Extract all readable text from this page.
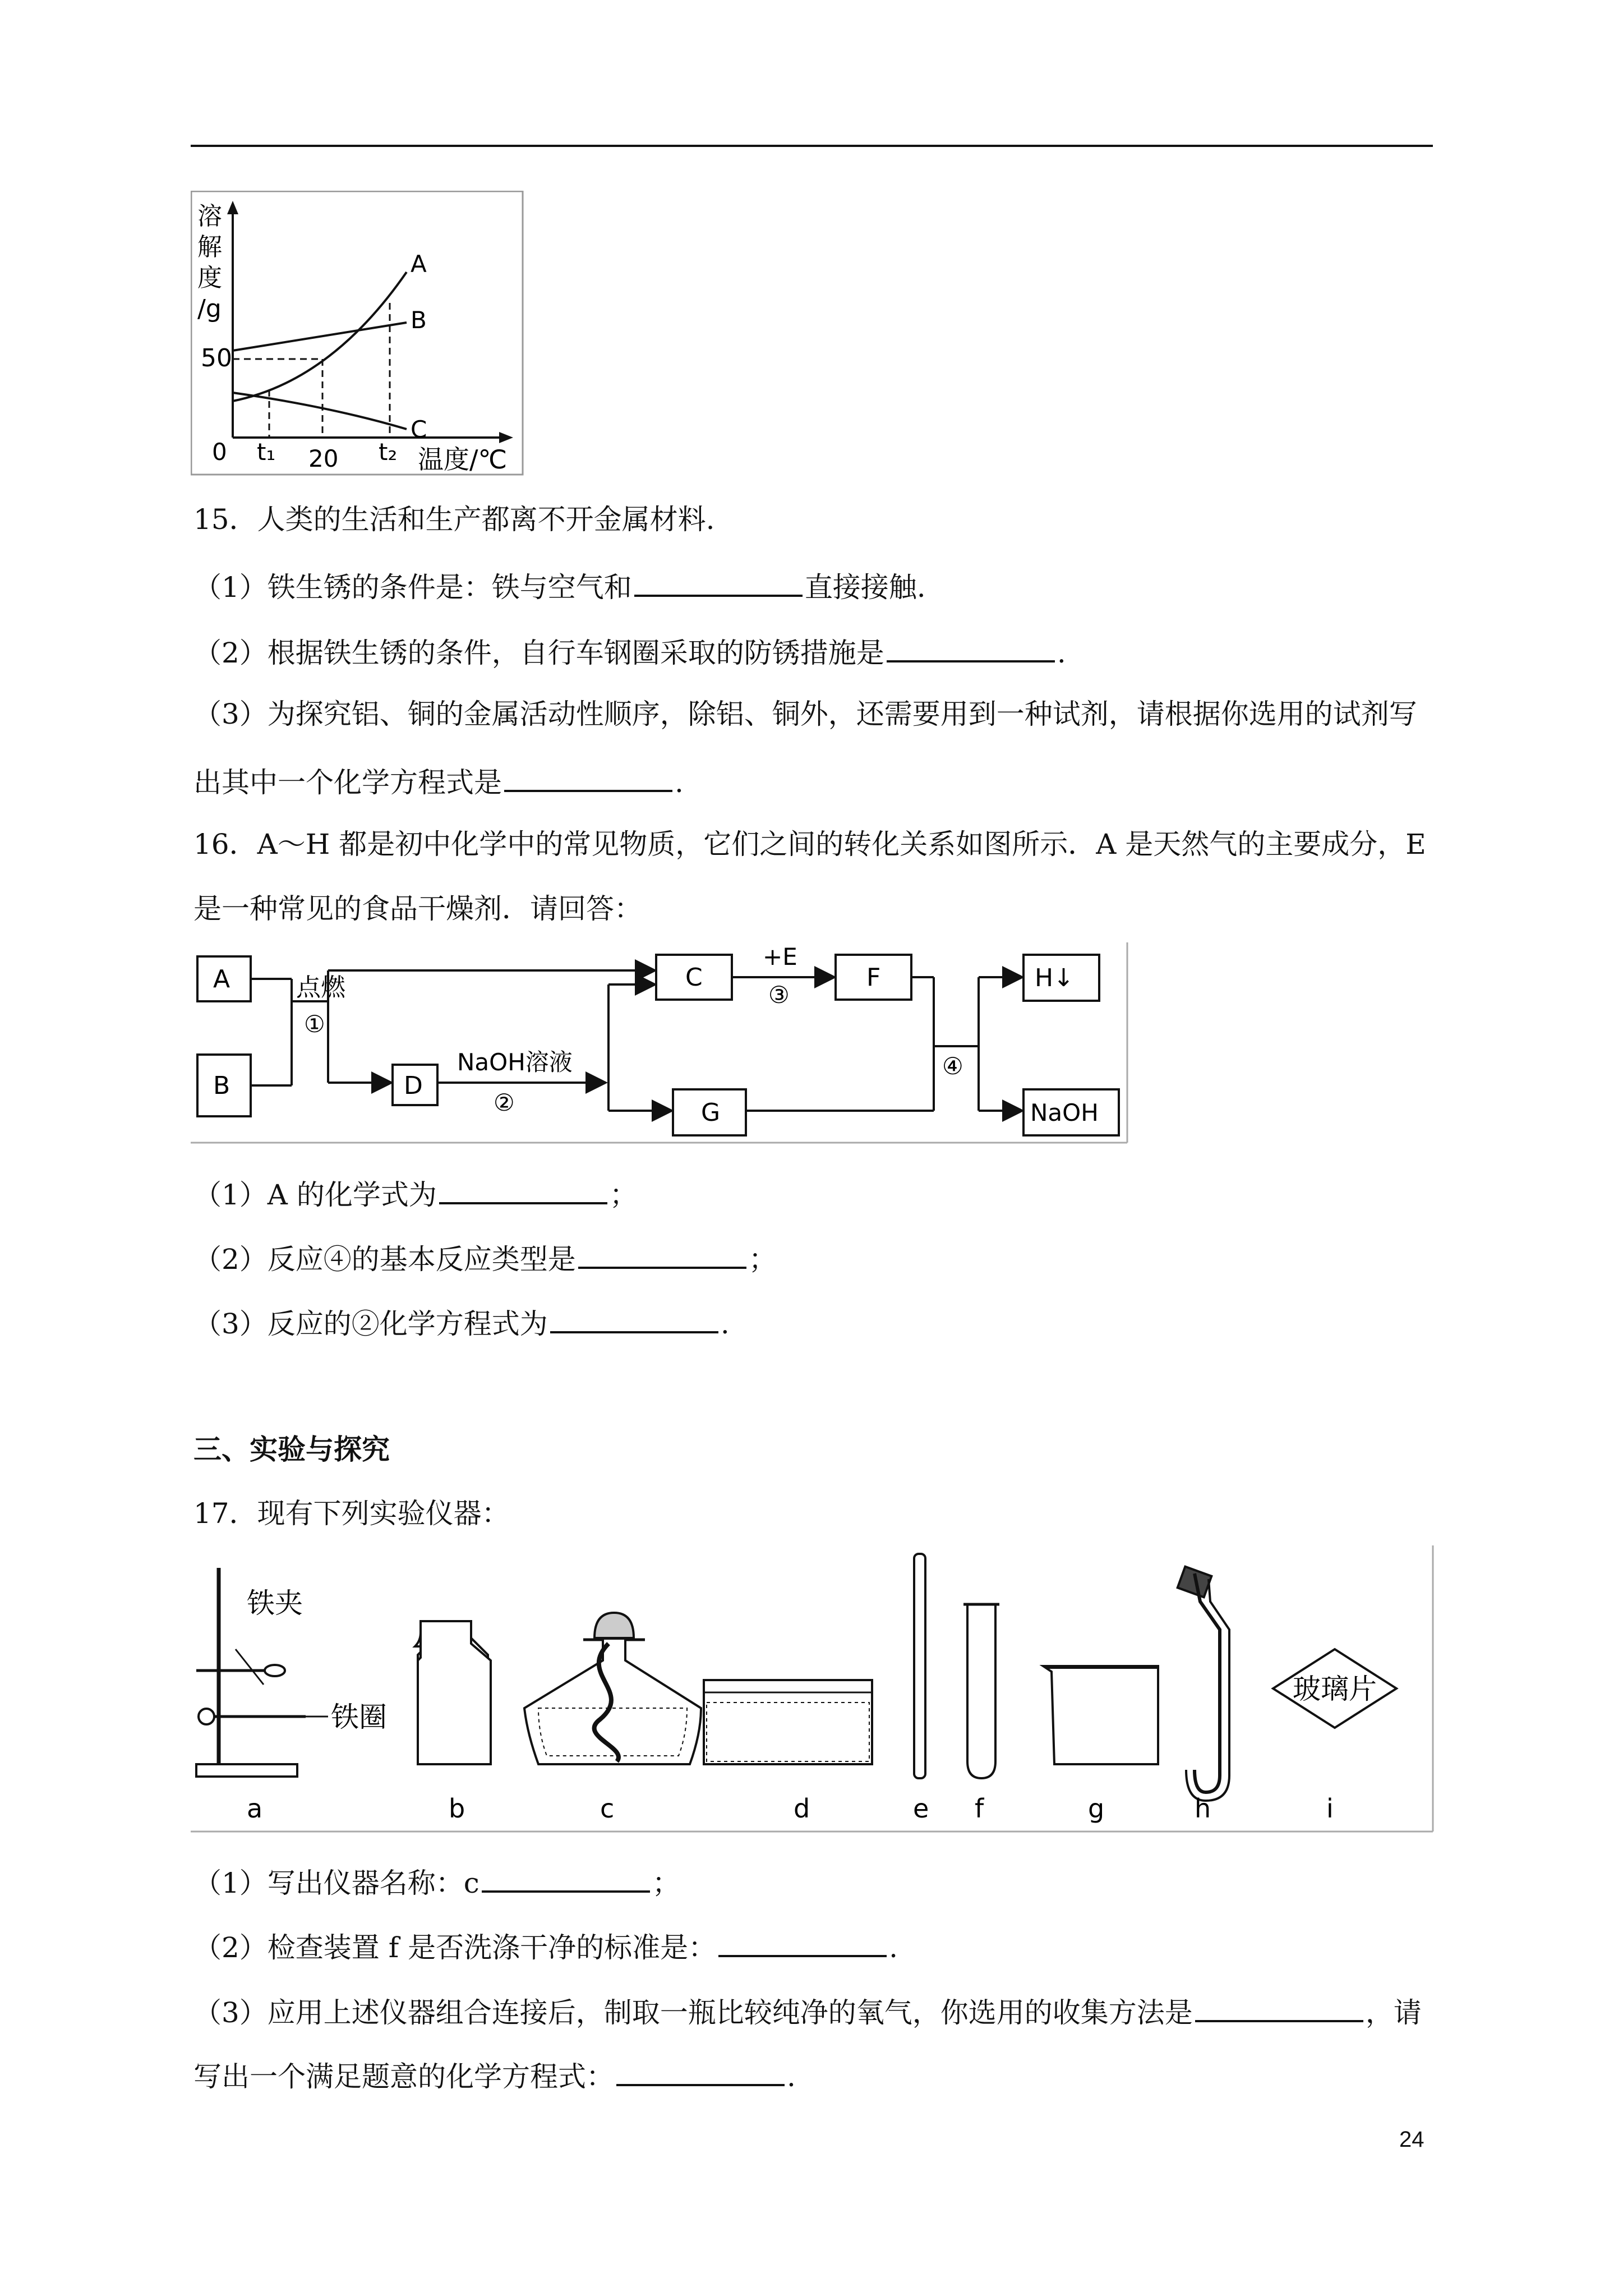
溶
解
度
/g
50
A
B
C
0 t₁ 20 t₂ 温度/℃
15．人类的生活和生产都离不开金属材料.
（1）铁生锈的条件是：铁与空气和	直接接触.
（2）根据铁生锈的条件，自行车钢圈采取的防锈措施是	.
（3）为探究铝、铜的金属活动性顺序，除铝、铜外，还需要用到一种试剂，请根据你选用的试剂写
出其中一个化学方程式是	.
16．A～H 都是初中化学中的常见物质，它们之间的转化关系如图所示．A 是天然气的主要成分，E
是一种常见的食品干燥剂．请回答：
A
B	D
C	F
G
H↓
NaOH
点燃
①
NaOH溶液
②
+E
③
④
（1）A 的化学式为	；
（2）反应④的基本反应类型是	；
（3）反应的②化学方程式为	.
三、实验与探究
17．现有下列实验仪器：
铁夹
铁圈
玻璃片
a	b	c	d	e f	g	h	i
（1）写出仪器名称：c	；
（2）检查装置 f 是否洗涤干净的标准是：	.
（3）应用上述仪器组合连接后，制取一瓶比较纯净的氧气，你选用的收集方法是	，请
写出一个满足题意的化学方程式：	.
24
